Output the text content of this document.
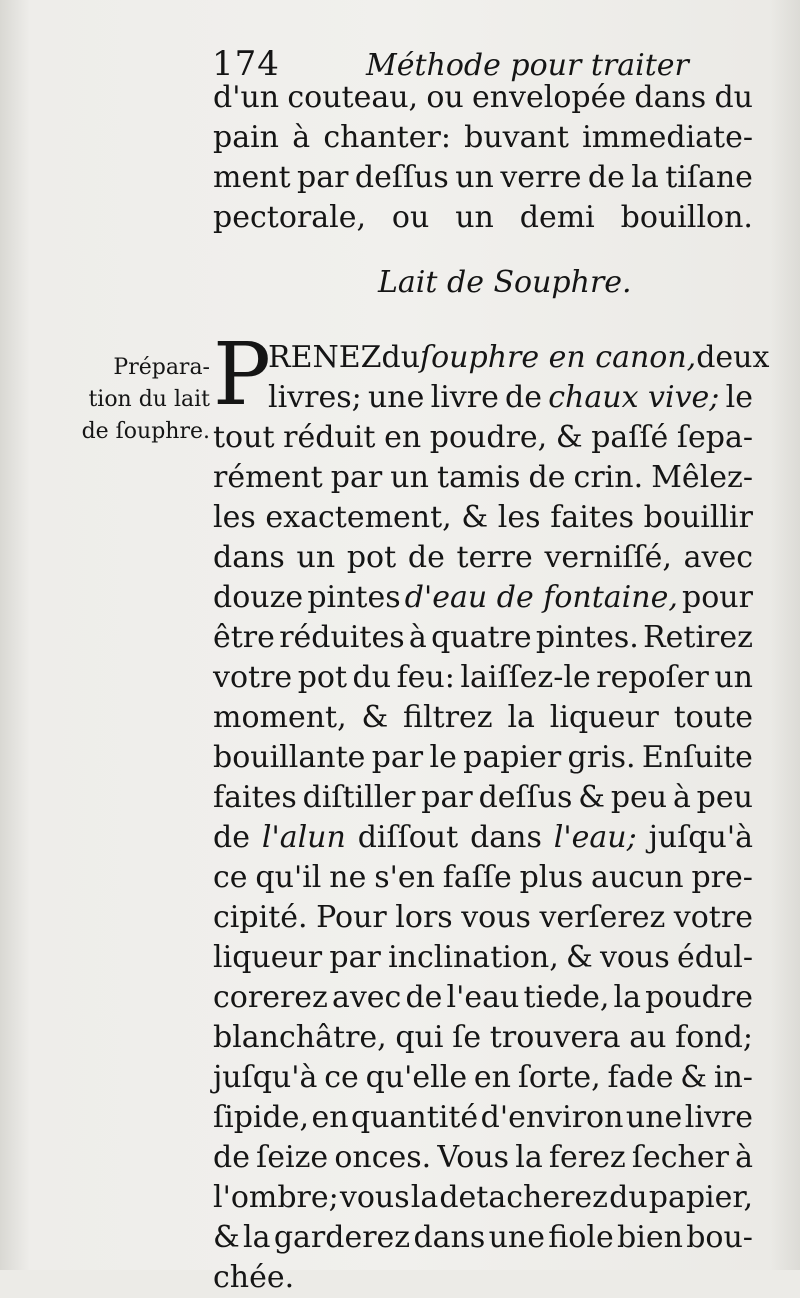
174	Méthode pour traiter
d'un couteau, ou envelopée dans du
pain à chanter: buvant immediate-
ment par deſſus un verre de la tiſane
pectorale, ou un demi bouillon.
Lait de Souphre.
Prépara-
tion du lait
de ſouphre.
P
RENEZ du ſouphre en canon, deux
livres; une livre de chaux vive; le
tout réduit en poudre, & paſſé ſepa-
rément par un tamis de crin. Mêlez-
les exactement, & les faites bouillir
dans un pot de terre verniſſé, avec
douze pintes d'eau de fontaine, pour
être réduites à quatre pintes. Retirez
votre pot du feu: laiſſez-le repoſer un
moment, & filtrez la liqueur toute
bouillante par le papier gris. Enſuite
faites diſtiller par deſſus & peu à peu
de l'alun diſſout dans l'eau; juſqu'à
ce qu'il ne s'en faſſe plus aucun pre-
cipité. Pour lors vous verſerez votre
liqueur par inclination, & vous édul-
corerez avec de l'eau tiede, la poudre
blanchâtre, qui ſe trouvera au fond;
juſqu'à ce qu'elle en ſorte, fade & in-
ſipide, en quantité d'environ une livre
de ſeize onces. Vous la ferez ſecher à
l'ombre; vous la detacherez du papier,
& la garderez dans une fiole bien bou-
chée.
